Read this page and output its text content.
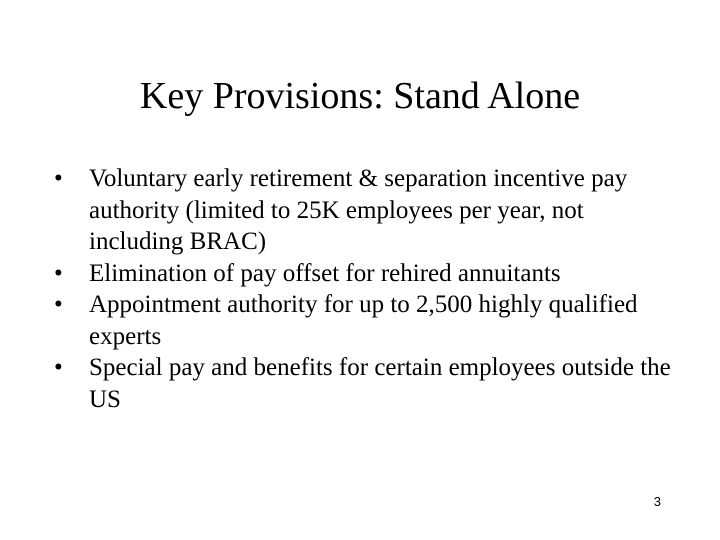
Key Provisions: Stand Alone
•	Voluntary early retirement & separation incentive pay authority (limited to 25K employees per year, not including BRAC)
•	Elimination of pay offset for rehired annuitants
•	Appointment authority for up to 2,500 highly qualified experts
•	Special pay and benefits for certain employees outside the US
3
